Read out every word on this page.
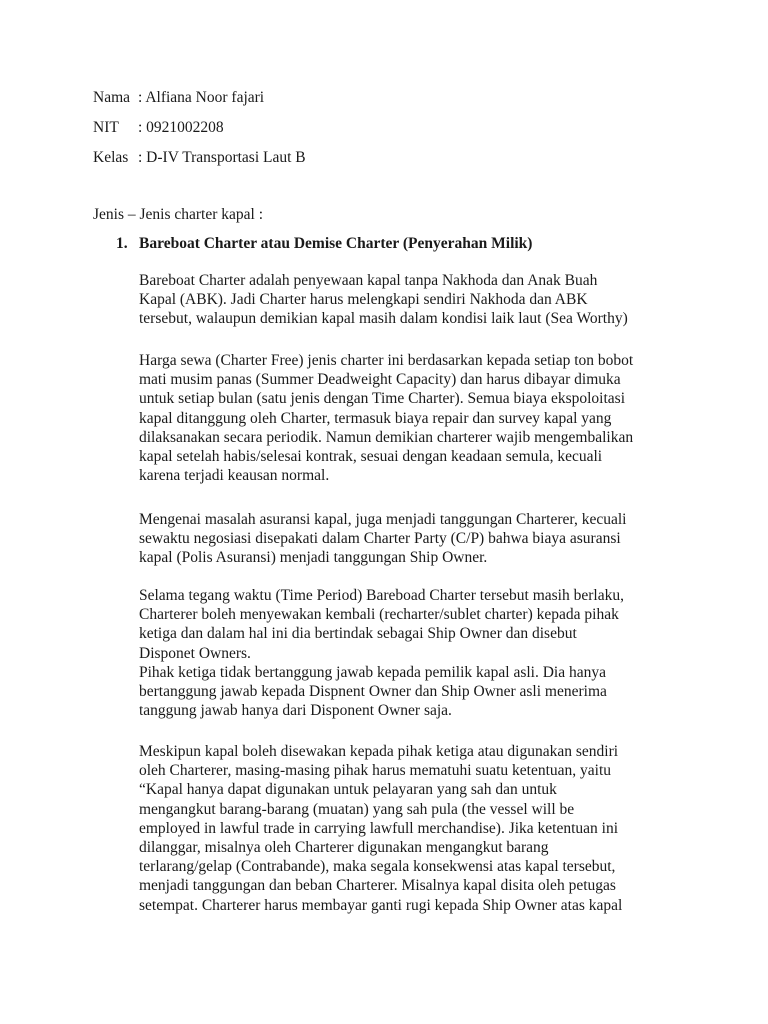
Nama : Alfiana Noor fajari
NIT : 0921002208
Kelas : D-IV Transportasi Laut B
Jenis – Jenis charter kapal :
1. Bareboat Charter atau Demise Charter (Penyerahan Milik)
Bareboat Charter adalah penyewaan kapal tanpa Nakhoda dan Anak Buah
Kapal (ABK). Jadi Charter harus melengkapi sendiri Nakhoda dan ABK
tersebut, walaupun demikian kapal masih dalam kondisi laik laut (Sea Worthy)
Harga sewa (Charter Free) jenis charter ini berdasarkan kepada setiap ton bobot
mati musim panas (Summer Deadweight Capacity) dan harus dibayar dimuka
untuk setiap bulan (satu jenis dengan Time Charter). Semua biaya ekspoloitasi
kapal ditanggung oleh Charter, termasuk biaya repair dan survey kapal yang
dilaksanakan secara periodik. Namun demikian charterer wajib mengembalikan
kapal setelah habis/selesai kontrak, sesuai dengan keadaan semula, kecuali
karena terjadi keausan normal.
Mengenai masalah asuransi kapal, juga menjadi tanggungan Charterer, kecuali
sewaktu negosiasi disepakati dalam Charter Party (C/P) bahwa biaya asuransi
kapal (Polis Asuransi) menjadi tanggungan Ship Owner.
Selama tegang waktu (Time Period) Bareboad Charter tersebut masih berlaku,
Charterer boleh menyewakan kembali (recharter/sublet charter) kepada pihak
ketiga dan dalam hal ini dia bertindak sebagai Ship Owner dan disebut
Disponet Owners.
Pihak ketiga tidak bertanggung jawab kepada pemilik kapal asli. Dia hanya
bertanggung jawab kepada Dispnent Owner dan Ship Owner asli menerima
tanggung jawab hanya dari Disponent Owner saja.
Meskipun kapal boleh disewakan kepada pihak ketiga atau digunakan sendiri
oleh Charterer, masing-masing pihak harus mematuhi suatu ketentuan, yaitu
“Kapal hanya dapat digunakan untuk pelayaran yang sah dan untuk
mengangkut barang-barang (muatan) yang sah pula (the vessel will be
employed in lawful trade in carrying lawfull merchandise). Jika ketentuan ini
dilanggar, misalnya oleh Charterer digunakan mengangkut barang
terlarang/gelap (Contrabande), maka segala konsekwensi atas kapal tersebut,
menjadi tanggungan dan beban Charterer. Misalnya kapal disita oleh petugas
setempat. Charterer harus membayar ganti rugi kepada Ship Owner atas kapal
